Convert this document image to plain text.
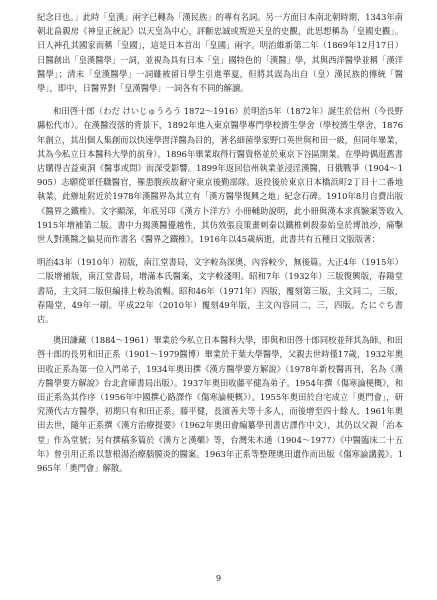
紀念日也。」此時「皇漢」兩字已轉為「漢民族」的專有名詞。另一方面日本南北朝時期，1343年南朝北畠親房《神皇正統記》以天皇為中心，評斷忠誠或叛逆天皇的史觀，此思想稱為「皇國史觀」。日人神孔其國家而稱「皇國」，這是日本首出「皇國」兩字。明治維新第二年（1869年12月17日）日醫創出「皇漢醫學」一詞，並視為具有日本「皇」國特色的「漢醫」學，其與西洋醫學並稱「漢洋醫學」；清末「皇漢醫學」一詞雖被留日學生引進華夏，但將其誤為出自（皇）漢民族的傳統「醫學」，即中，日醫界對「皇漢醫學」一詞各有不同的解讀。

和田啓十郎（わだ けいじゅうろう 1872～1916）於明治5年（1872年）誕生於信州（今長野縣松代市）。在漢醫沒落的背景下，1892年進入東京醫學專門學校濟生學舍（學校濟生學舍，1876年創立，其出個人集創而以快速學習洋醫為目的，著名細菌學家野口英世與和田一級，但同年畢業，其為今私立日本醫科大學的前身）。1896年畢業取得行醫資格並於東京下谷區開業。在學時偶逛舊書店購得吉益東洞《醫事或問》而深受影響。1899年返回信州執業並浸淫漢醫，日俄戰爭（1904～1905）志願從軍任職醫官，罹患腹疾故辭守東京後勤部隊。返投後於東京日本橋浜町2丁目十二番地執業，此辦址附近於1978年漢醫界為其立有「漢方醫學復興之地」紀念石碑。1910年8月自費出版《醫界之鐵椎》。文字顯深，年底另印《漢方卜洋方》小冊輔助說明，此小冊與漢本求真驗案等收入1915年增補第二版。書中力揭漢醫優越性，其仿效張良策畫刺秦以鐵椎刺殺秦始皇於博浪沙，痛擊世人對漢醫之偏見而作書名《醫界之鐵椎》。1916年以45歲病逝，此書共有五種日文版版著：

明治43年（1910年）初版，南江堂書局，文字較為深奧，內容較少，無後篇。大正4年（1915年）二版增補版，南江堂書局，增滿本氏醫案，文字較淺明。昭和7年（1932年）三版復興版，春陽堂書局，主文同二版但編排上較為流暢。昭和46年（1971年）四版，覆刻第三版，主文同二，三版，春陽堂，49年一刷。平成22年（2010年）覆刻49年版，主文內容同二，三，四版。たにぐち書店。

奧田謙藏（1884～1961）畢業於今私立日本醫科大學，即與和田啓十郎同校並拜其為師。和田啓十郎的長男和田正系（1901～1979醫博）畢業於千葉大學醫學，父親去世時僅17歲，1932年奧田收正系為第一位入門弟子，1934年奧田撰《漢方醫學要方解說》（1978年新校醫再刊，名為《漢方醫學要方解說》台北倉庫書局出版）。1937年奧田收藤平健為弟子。1954年撰《傷寒論梗概》，和田正系為其作序（1956年中國撰心路譯作《傷寒論梗概》）。1955年奧田於自宅成立「奧門會」，研究漢代古方醫學，初期只有和田正系，藤平健，長濱善夫等十多人，而後增至四十餘人。1961年奧田去世，隨年正系撰《漢方治療提要》（1962年奧田會編纂學刊書店譯作中文），其仍以父親「治本堂」作為堂號；另有撰稿多篇於《漢方と漢藥》等，台灣朱木通（1904～1977）《中醫臨床二十五年》曾引用正系以慧根湯治療腦膜炎的醫案。1963年正系等整理奧田遺作而出版《傷寒論講義》。1965年「奧門會」解散。

9
